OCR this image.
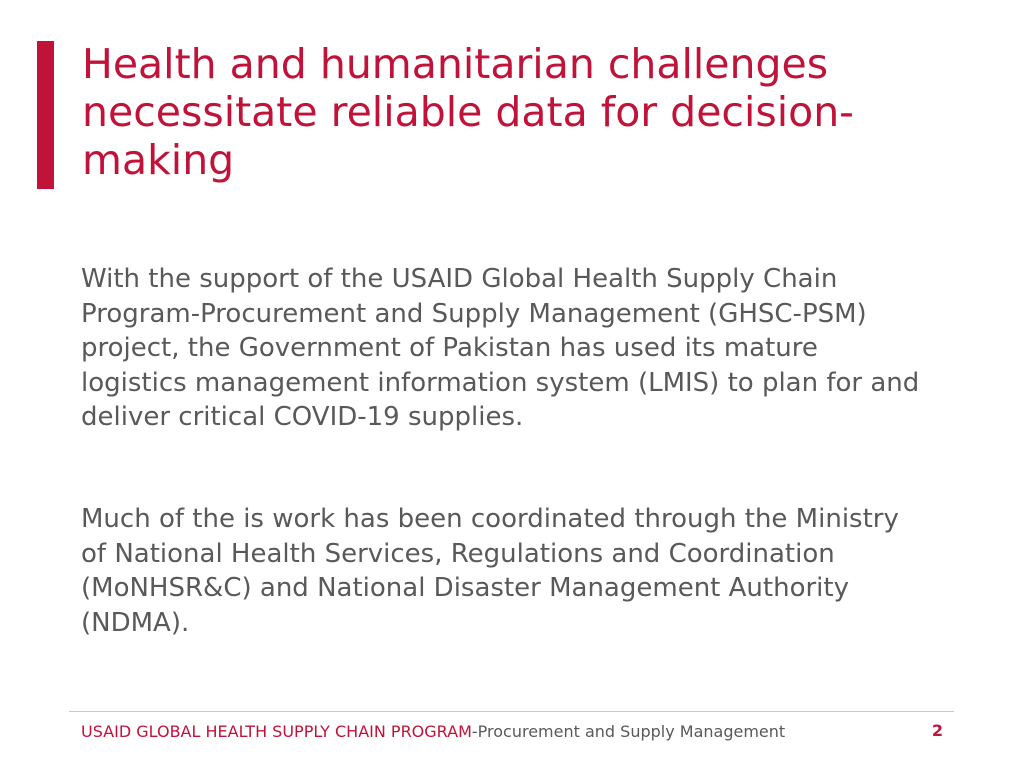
Health and humanitarian challenges
necessitate reliable data for decision-
making

With the support of the USAID Global Health Supply Chain
Program-Procurement and Supply Management (GHSC-PSM)
project, the Government of Pakistan has used its mature
logistics management information system (LMIS) to plan for and
deliver critical COVID-19 supplies.

Much of the is work has been coordinated through the Ministry
of National Health Services, Regulations and Coordination
(MoNHSR&C) and National Disaster Management Authority
(NDMA).

USAID GLOBAL HEALTH SUPPLY CHAIN PROGRAM-Procurement and Supply Management	2
